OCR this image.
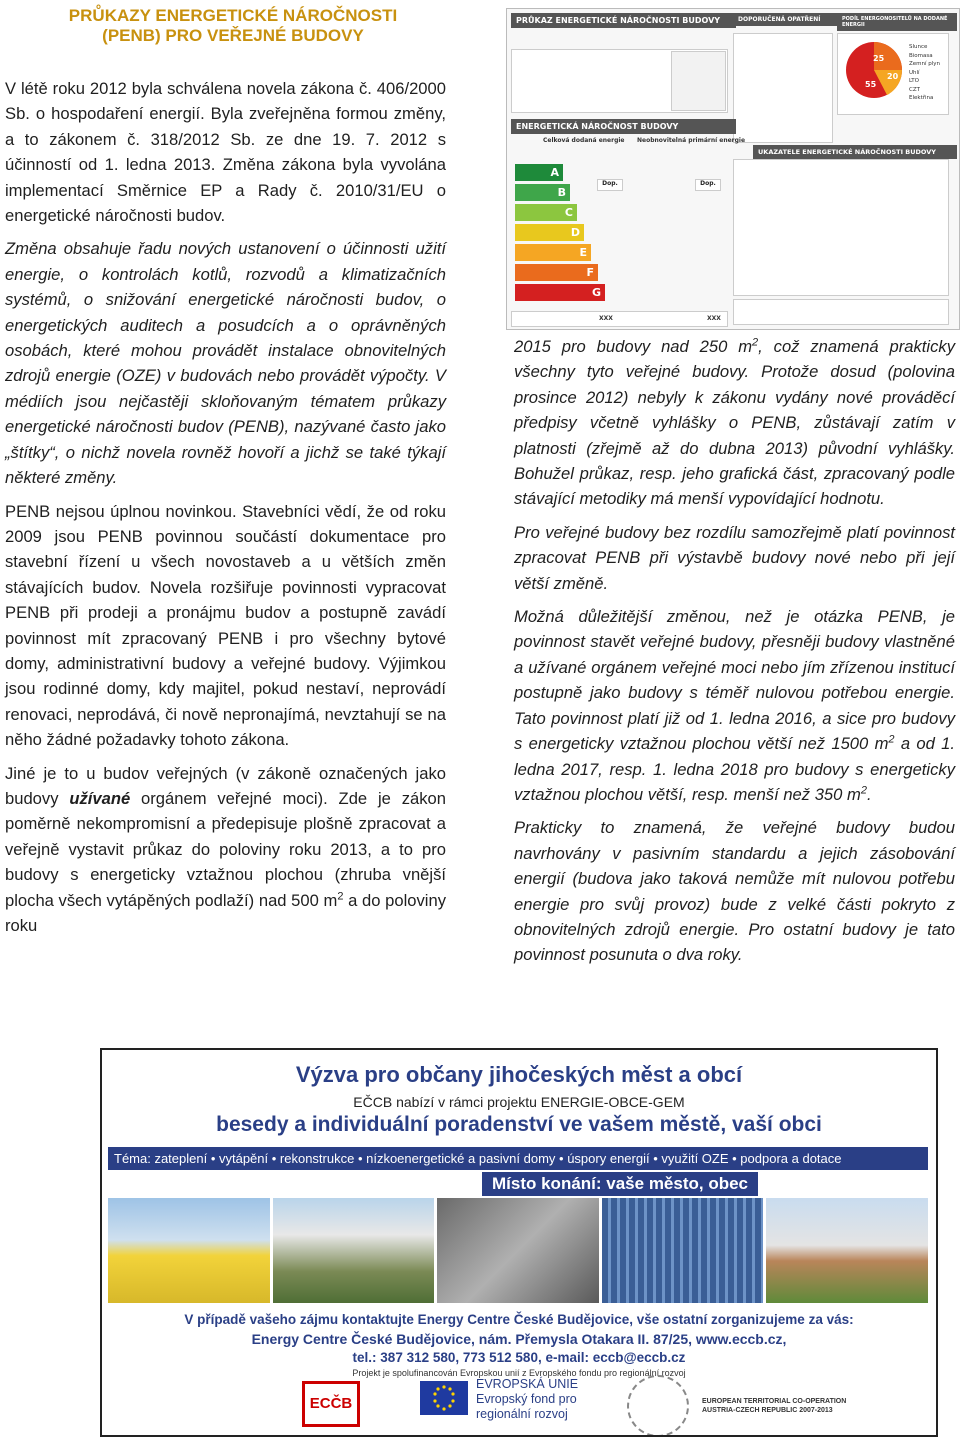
PRŮKAZY ENERGETICKÉ NÁROČNOSTI
(PENB) PRO VEŘEJNÉ BUDOVY

V létě roku 2012 byla schválena novela zákona č. 406/2000 Sb. o hospodaření energií. Byla zveřejněna formou změny, a to zákonem č. 318/2012 Sb. ze dne 19. 7. 2012 s účinností od 1. ledna 2013. Změna zákona byla vyvolána implementací Směrnice EP a Rady č. 2010/31/EU o energetické náročnosti budov.

Změna obsahuje řadu nových ustanovení o účinnosti užití energie, o kontrolách kotlů, rozvodů a klimatizačních systémů, o snižování energetické náročnosti budov, o energetických auditech a posudcích a o oprávněných osobách, které mohou provádět instalace obnovitelných zdrojů energie (OZE) v budovách nebo provádět výpočty. V médiích jsou nejčastěji skloňovaným tématem průkazy energetické náročnosti budov (PENB), nazývané často jako „štítky“, o nichž novela rovněž hovoří a jichž se také týkají některé změny.

PENB nejsou úplnou novinkou. Stavebníci vědí, že od roku 2009 jsou PENB povinnou součástí dokumentace pro stavební řízení u všech novostaveb a u větších změn stávajících budov. Novela rozšiřuje povinnosti vypracovat PENB při prodeji a pronájmu budov a postupně zavádí povinnost mít zpracovaný PENB i pro všechny bytové domy, administrativní budovy a veřejné budovy. Výjimkou jsou rodinné domy, kdy majitel, pokud nestaví, neprovádí renovaci, neprodává, či nově nepronajímá, nevztahují se na něho žádné požadavky tohoto zákona.

Jiné je to u budov veřejných (v zákoně označených jako budovy užívané orgánem veřejné moci). Zde je zákon poměrně nekompromisní a předepisuje plošně zpracovat a veřejně vystavit průkaz do poloviny roku 2013, a to pro budovy s energeticky vztažnou plochou (zhruba vnější plocha všech vytápěných podlaží) nad 500 $m^2$ a do poloviny roku

PRŮKAZ ENERGETICKÉ NÁROČNOSTI BUDOVY	DOPORUČENÁ OPATŘENÍ	PODÍL ENERGONOSITELŮ NA DODANÉ ENERGII
25
20
55
Slunce
Biomasa
Zemní plyn
Uhlí
LTO
CZT
Elektřina
ENERGETICKÁ NÁROČNOST BUDOVY
UKAZATELE ENERGETICKÉ NÁROČNOSTI BUDOVY
Celková dodaná energie Neobnovitelná primární energie
A
B
C
D
E
F
G
Dop.	Dop.
XXX	XXX

2015 pro budovy nad 250 $m^2$, což znamená prakticky všechny tyto veřejné budovy. Protože dosud (polovina prosince 2012) nebyly k zákonu vydány nové prováděcí předpisy včetně vyhlášky o PENB, zůstávají zatím v platnosti (zřejmě až do dubna 2013) původní vyhlášky. Bohužel průkaz, resp. jeho grafická část, zpracovaný podle stávající metodiky má menší vypovídající hodnotu.

Pro veřejné budovy bez rozdílu samozřejmě platí povinnost zpracovat PENB při výstavbě budovy nové nebo při její větší změně.

Možná důležitější změnou, než je otázka PENB, je povinnost stavět veřejné budovy, přesněji budovy vlastněné a užívané orgánem veřejné moci nebo jím zřízenou institucí postupně jako budovy s téměř nulovou potřebou energie. Tato povinnost platí již od 1. ledna 2016, a sice pro budovy s energeticky vztažnou plochou větší než 1500 $m^2$ a od 1. ledna 2017, resp. 1. ledna 2018 pro budovy s energeticky vztažnou plochou větší, resp. menší než 350 $m^2$.

Prakticky to znamená, že veřejné budovy budou navrhovány v pasivním standardu a jejich zásobování energií (budova jako taková nemůže mít nulovou potřebu energie pro svůj provoz) bude z velké části pokryto z obnovitelných zdrojů energie. Pro ostatní budovy je tato povinnost posunuta o dva roky.

Výzva pro občany jihočeských měst a obcí
EČCB nabízí v rámci projektu ENERGIE-OBCE-GEM
besedy a individuální poradenství ve vašem městě, vaší obci
Téma: zateplení • vytápění • rekonstrukce • nízkoenergetické a pasivní domy • úspory energií • využití OZE • podpora a dotace
Místo konání: vaše město, obec
V případě vašeho zájmu kontaktujte Energy Centre České Budějovice, vše ostatní zorganizujeme za vás:
Energy Centre České Budějovice, nám. Přemysla Otakara II. 87/25, www.eccb.cz,
tel.: 387 312 580, 773 512 580, e-mail: eccb@eccb.cz
Projekt je spolufinancován Evropskou unií z Evropského fondu pro regionální rozvoj
ECČB
EVROPSKÁ UNIE
Evropský fond pro
regionální rozvoj
EUROPEAN TERRITORIAL CO-OPERATION
AUSTRIA-CZECH REPUBLIC 2007-2013
